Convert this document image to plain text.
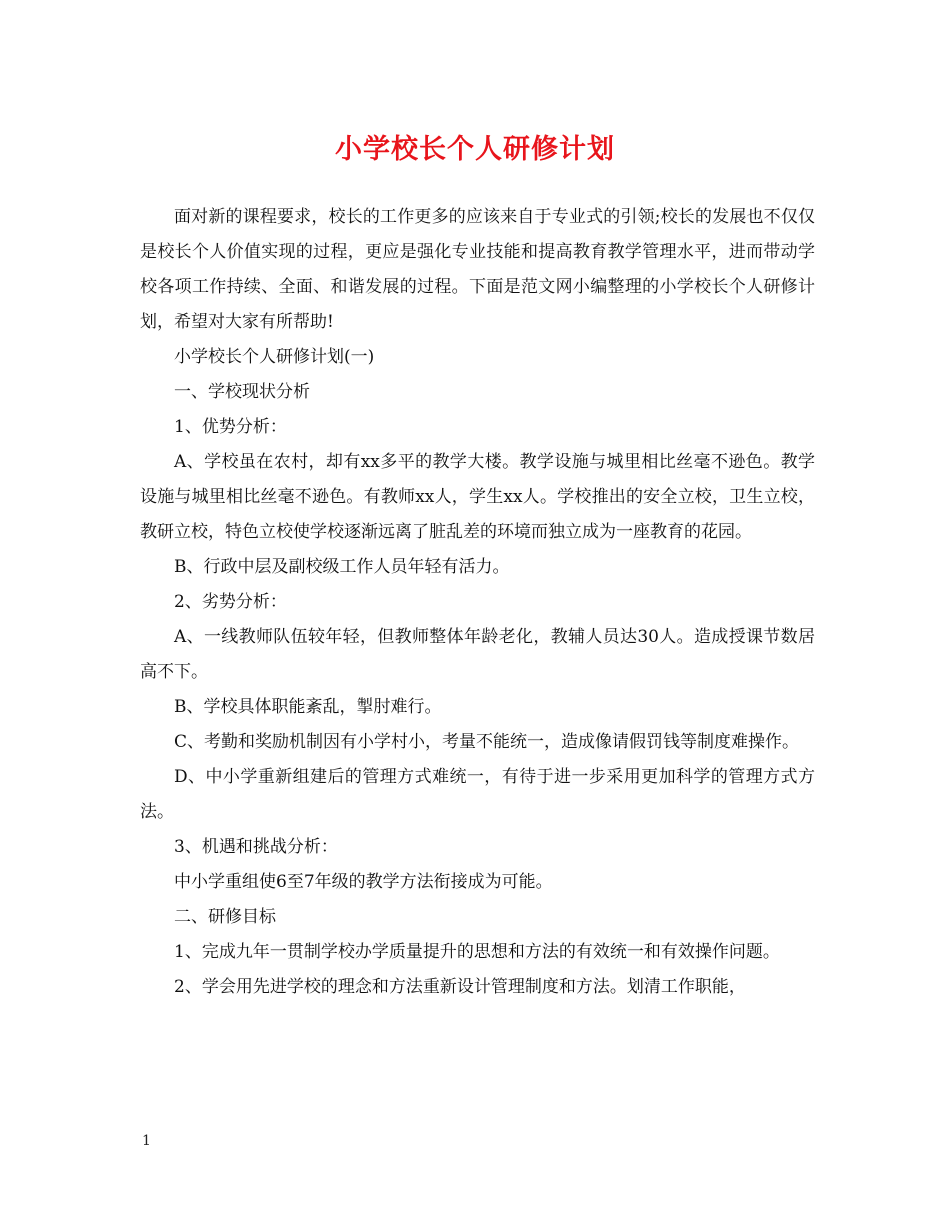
小学校长个人研修计划

面对新的课程要求，校长的工作更多的应该来自于专业式的引领;校长的发展也不仅仅是校长个人价值实现的过程，更应是强化专业技能和提高教育教学管理水平，进而带动学校各项工作持续、全面、和谐发展的过程。下面是范文网小编整理的小学校长个人研修计划，希望对大家有所帮助!

小学校长个人研修计划(一)

一、学校现状分析

1、优势分析：

A、学校虽在农村，却有xx多平的教学大楼。教学设施与城里相比丝毫不逊色。教学设施与城里相比丝毫不逊色。有教师xx人，学生xx人。学校推出的安全立校，卫生立校，教研立校，特色立校使学校逐渐远离了脏乱差的环境而独立成为一座教育的花园。

B、行政中层及副校级工作人员年轻有活力。

2、劣势分析：

A、一线教师队伍较年轻，但教师整体年龄老化，教辅人员达30人。造成授课节数居高不下。

B、学校具体职能紊乱，掣肘难行。

C、考勤和奖励机制因有小学村小，考量不能统一，造成像请假罚钱等制度难操作。

D、中小学重新组建后的管理方式难统一，有待于进一步采用更加科学的管理方式方法。

3、机遇和挑战分析：

中小学重组使6至7年级的教学方法衔接成为可能。

二、研修目标

1、完成九年一贯制学校办学质量提升的思想和方法的有效统一和有效操作问题。

2、学会用先进学校的理念和方法重新设计管理制度和方法。划清工作职能，

1
